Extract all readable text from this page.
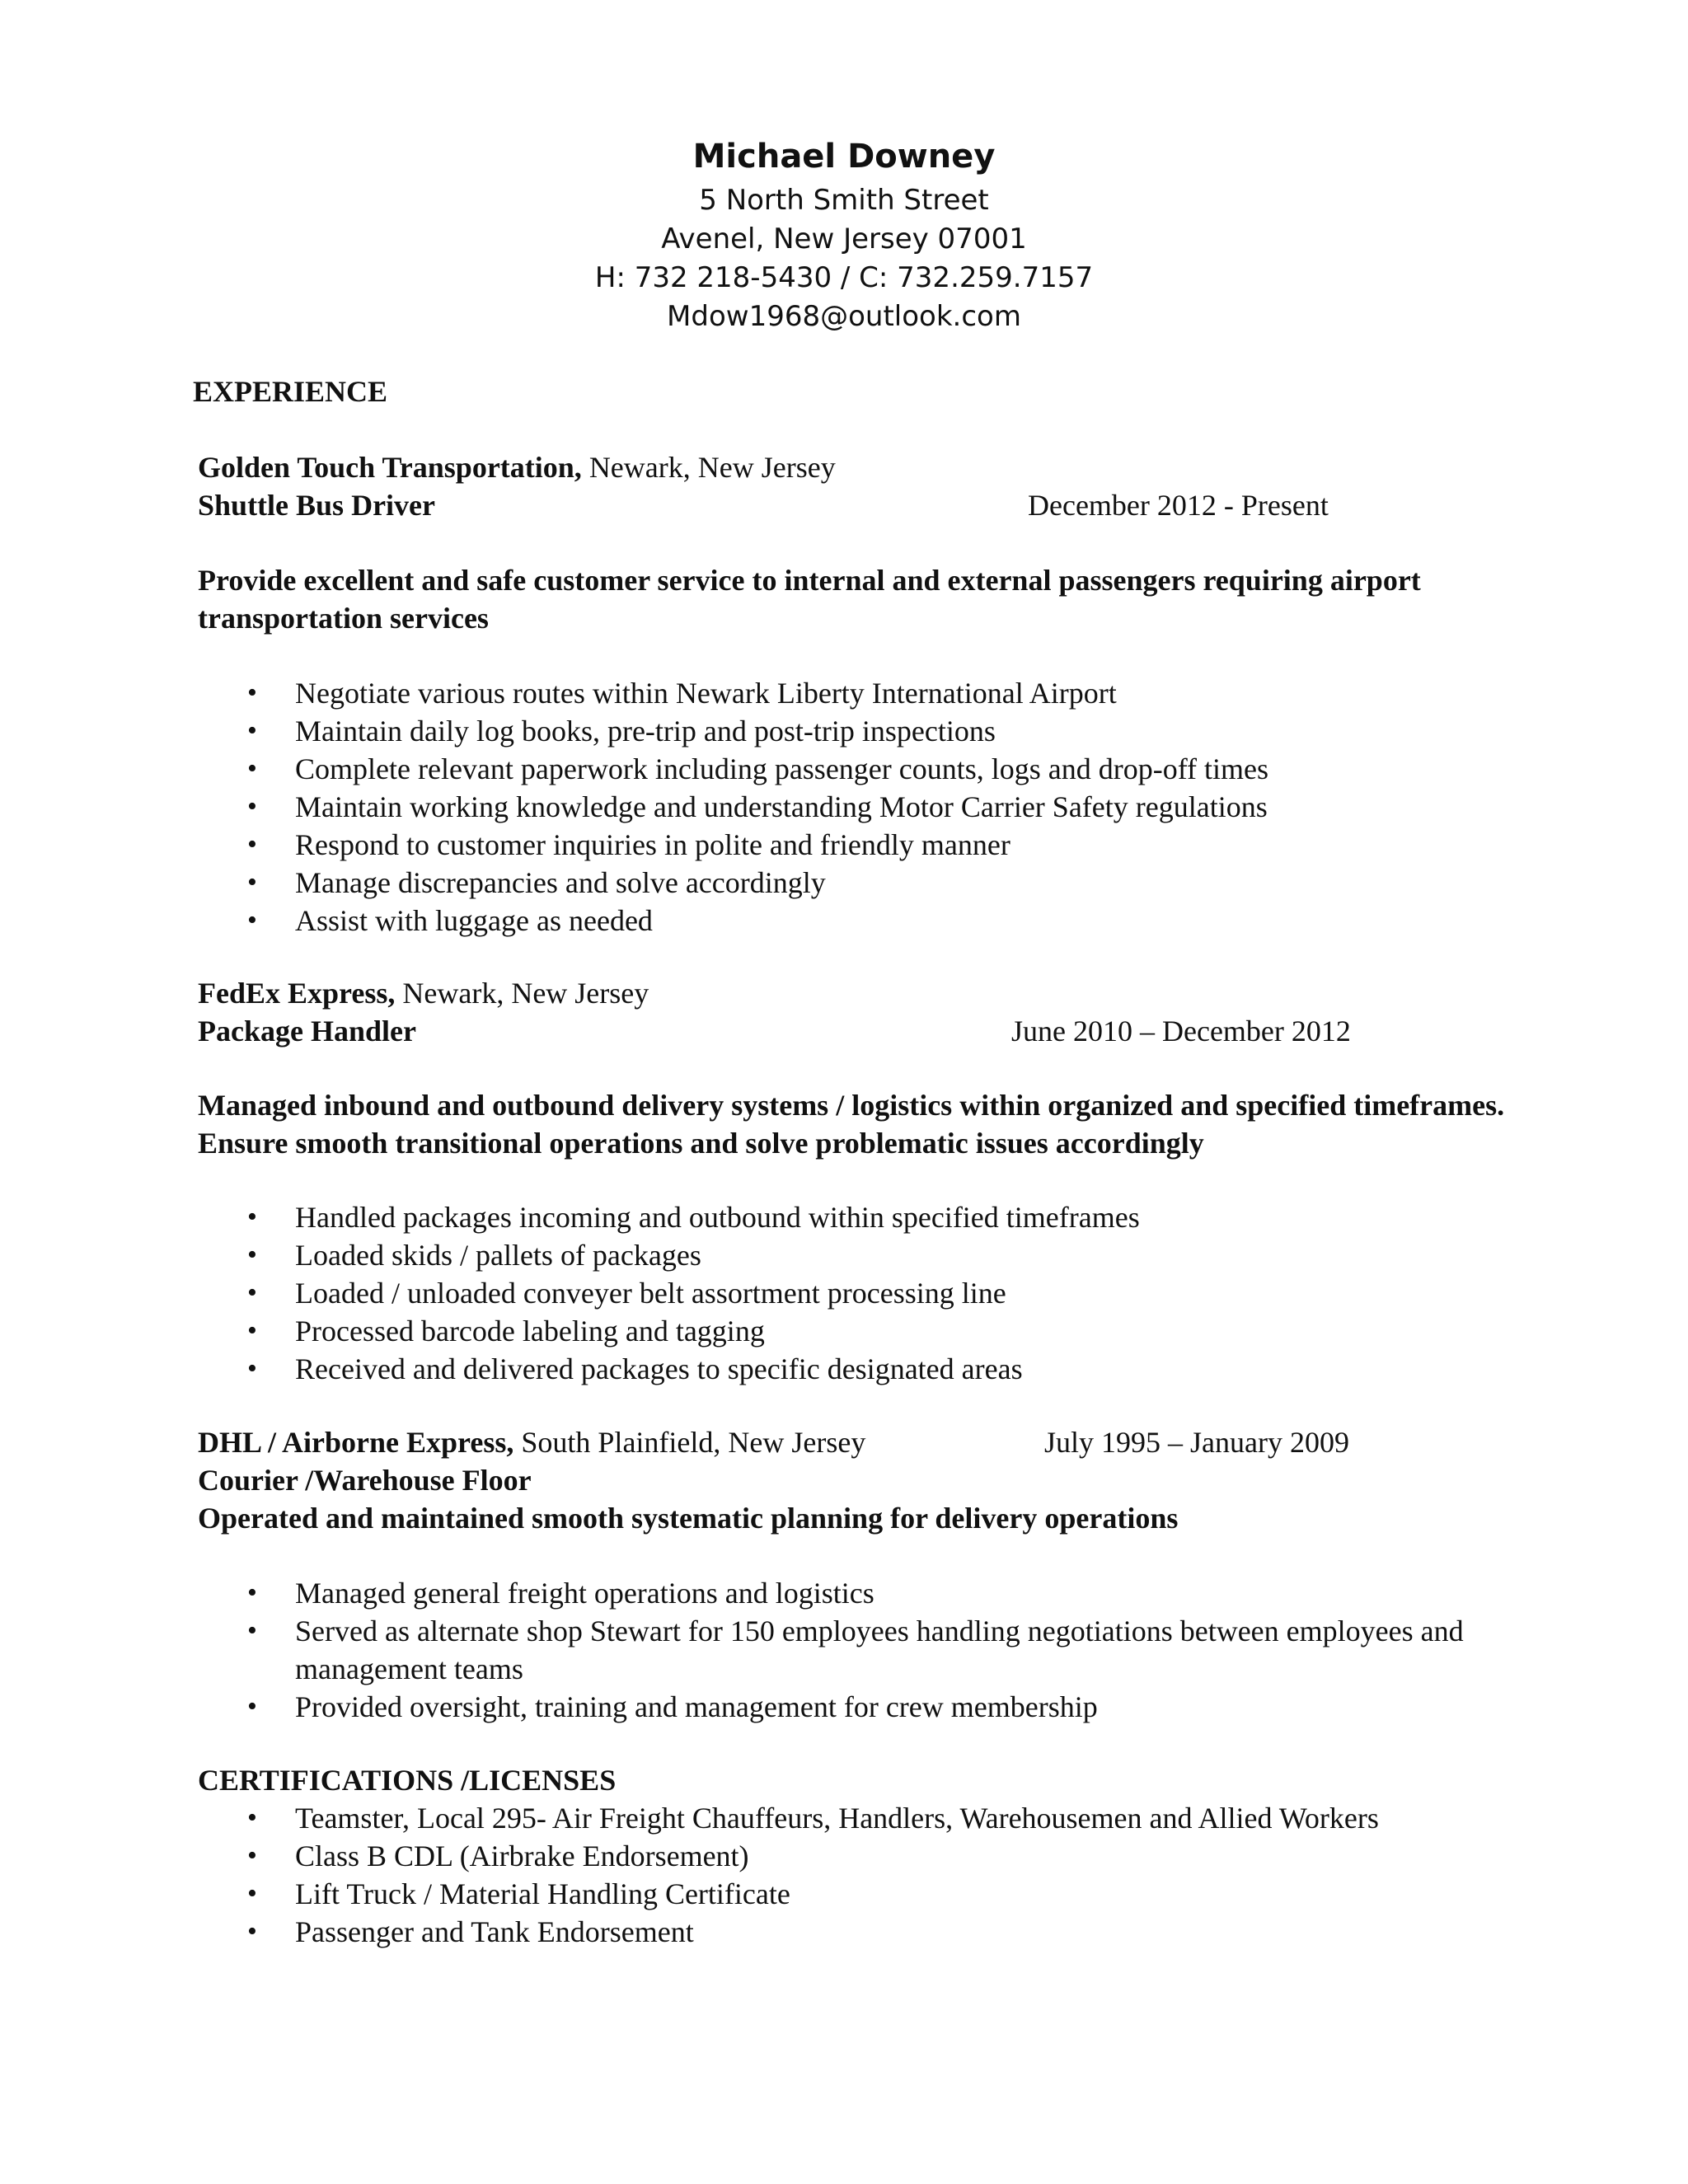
Michael Downey

5 North Smith Street

Avenel, New Jersey 07001

H: 732 218-5430 / C: 732.259.7157

Mdow1968@outlook.com

EXPERIENCE
Golden Touch Transportation, Newark, New Jersey
Shuttle Bus Driver	December 2012 - Present
Provide excellent and safe customer service to internal and external passengers requiring airport transportation services
• Negotiate various routes within Newark Liberty International Airport
• Maintain daily log books, pre-trip and post-trip inspections
• Complete relevant paperwork including passenger counts, logs and drop-off times
• Maintain working knowledge and understanding Motor Carrier Safety regulations
• Respond to customer inquiries in polite and friendly manner
• Manage discrepancies and solve accordingly
• Assist with luggage as needed
FedEx Express, Newark, New Jersey
Package Handler	June 2010 – December 2012
Managed inbound and outbound delivery systems / logistics within organized and specified timeframes. Ensure smooth transitional operations and solve problematic issues accordingly
• Handled packages incoming and outbound within specified timeframes
• Loaded skids / pallets of packages
• Loaded / unloaded conveyer belt assortment processing line
• Processed barcode labeling and tagging
• Received and delivered packages to specific designated areas
DHL / Airborne Express, South Plainfield, New Jersey	July 1995 – January 2009
Courier /Warehouse Floor
Operated and maintained smooth systematic planning for delivery operations
• Managed general freight operations and logistics
• Served as alternate shop Stewart for 150 employees handling negotiations between employees and management teams
• Provided oversight, training and management for crew membership
CERTIFICATIONS /LICENSES
• Teamster, Local 295- Air Freight Chauffeurs, Handlers, Warehousemen and Allied Workers
• Class B CDL (Airbrake Endorsement)
• Lift Truck / Material Handling Certificate
• Passenger and Tank Endorsement
